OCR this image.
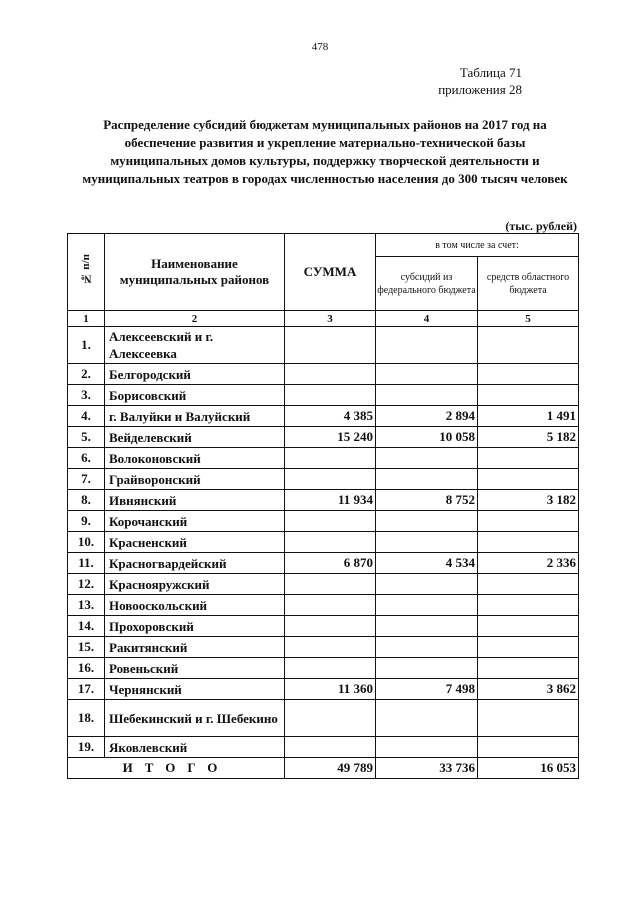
478
Таблица 71
приложения 28
Распределение субсидий бюджетам муниципальных районов на 2017 год на обеспечение развития и укрепление материально-технической базы муниципальных домов культуры, поддержку творческой деятельности и муниципальных театров в городах численностью населения до 300 тысяч человек
(тыс. рублей)
№ п/п	Наименование муниципальных районов	СУММА	в том числе за счет:	
			субсидий из федерального бюджета	средств областного бюджета
1	2	3	4	5
1.	Алексеевский и г. Алексеевка			
2.	Белгородский			
3.	Борисовский			
4.	г. Валуйки и Валуйский	4 385	2 894	1 491
5.	Вейделевский	15 240	10 058	5 182
6.	Волоконовский			
7.	Грайворонский			
8.	Ивнянский	11 934	8 752	3 182
9.	Корочанский			
10.	Красненский			
11.	Красногвардейский	6 870	4 534	2 336
12.	Краснояружский			
13.	Новооскольский			
14.	Прохоровский			
15.	Ракитянский			
16.	Ровеньский			
17.	Чернянский	11 360	7 498	3 862
18.	Шебекинский и г. Шебекино			
19.	Яковлевский			
ИТОГО		49 789	33 736	16 053
